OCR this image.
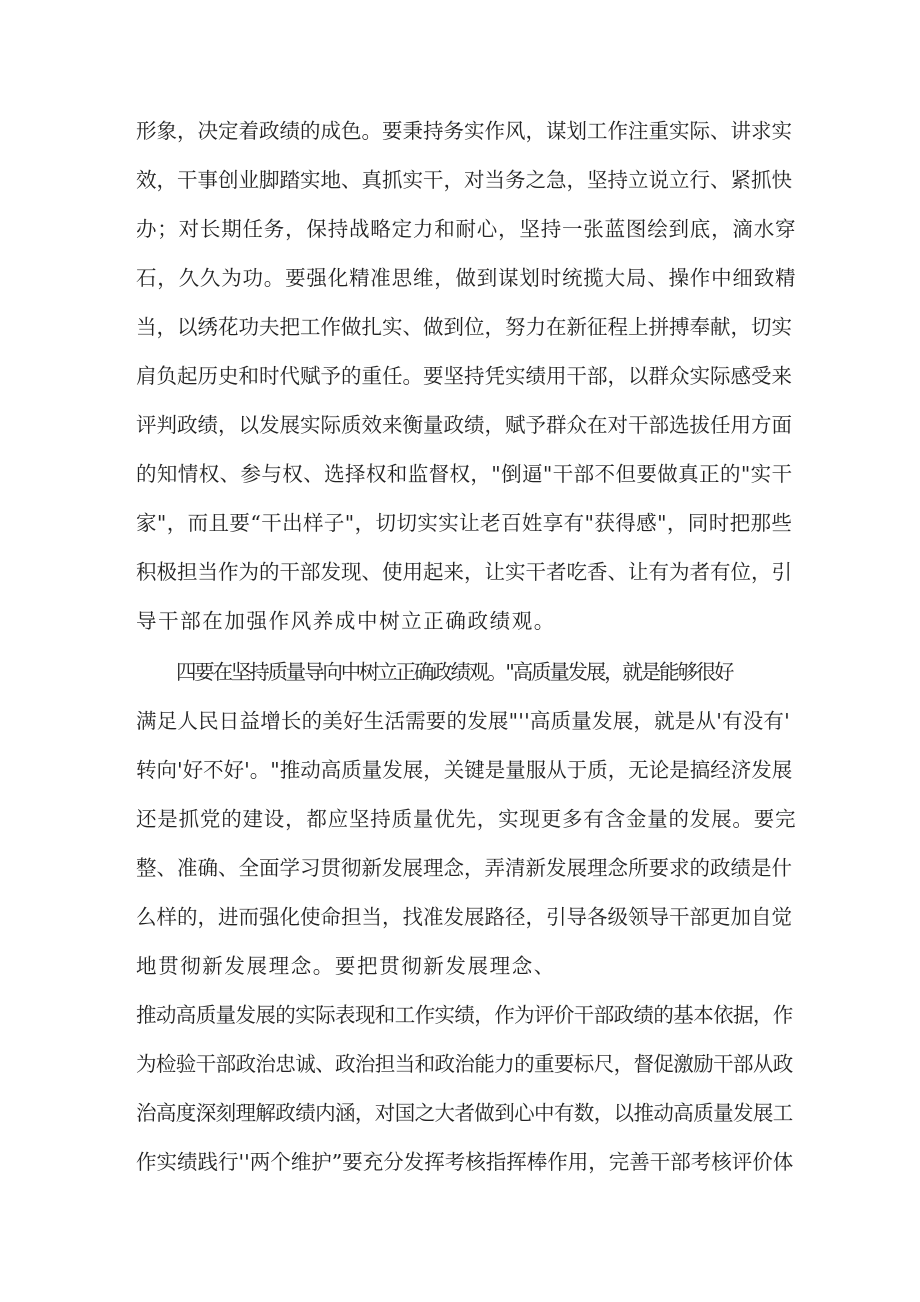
形象，决定着政绩的成色。要秉持务实作风，谋划工作注重实际、讲求实
效，干事创业脚踏实地、真抓实干，对当务之急，坚持立说立行、紧抓快
办；对长期任务，保持战略定力和耐心，坚持一张蓝图绘到底，滴水穿
石，久久为功。要强化精准思维，做到谋划时统揽大局、操作中细致精
当，以绣花功夫把工作做扎实、做到位，努力在新征程上拼搏奉献，切实
肩负起历史和时代赋予的重任。要坚持凭实绩用干部，以群众实际感受来
评判政绩，以发展实际质效来衡量政绩，赋予群众在对干部选拔任用方面
的知情权、参与权、选择权和监督权，"倒逼"干部不但要做真正的"实干
家"，而且要“干出样子"，切切实实让老百姓享有"获得感"，同时把那些
积极担当作为的干部发现、使用起来，让实干者吃香、让有为者有位，引
导干部在加强作风养成中树立正确政绩观。
四要在坚持质量导向中树立正确政绩观。"高质量发展，就是能够很好
满足人民日益增长的美好生活需要的发展"''高质量发展，就是从'有没有'
转向'好不好'。"推动高质量发展，关键是量服从于质，无论是搞经济发展
还是抓党的建设，都应坚持质量优先，实现更多有含金量的发展。要完
整、准确、全面学习贯彻新发展理念，弄清新发展理念所要求的政绩是什
么样的，进而强化使命担当，找准发展路径，引导各级领导干部更加自觉
地贯彻新发展理念。要把贯彻新发展理念、
推动高质量发展的实际表现和工作实绩，作为评价干部政绩的基本依据，作
为检验干部政治忠诚、政治担当和政治能力的重要标尺，督促激励干部从政
治高度深刻理解政绩内涵，对国之大者做到心中有数，以推动高质量发展工
作实绩践行''两个维护”要充分发挥考核指挥棒作用，完善干部考核评价体
